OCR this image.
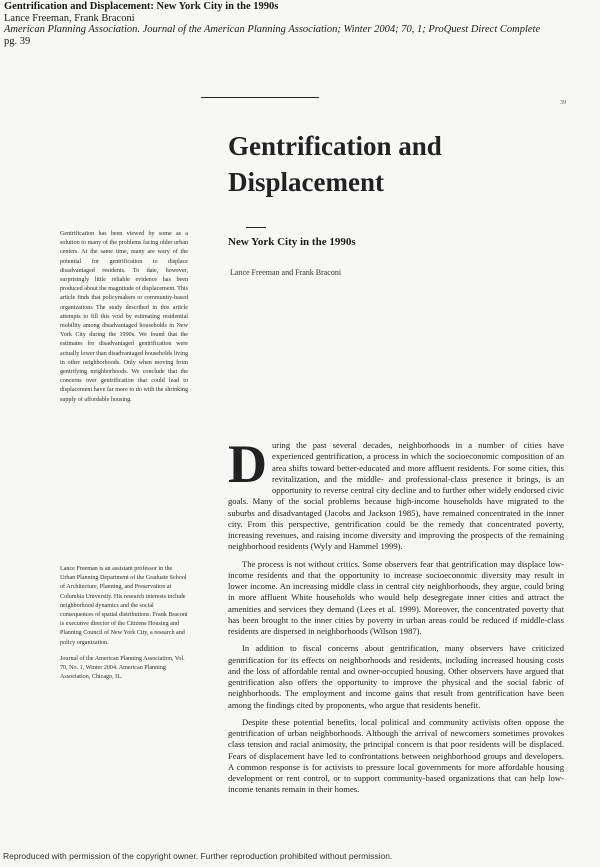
Gentrification and Displacement: New York City in the 1990s
Lance Freeman, Frank Braconi
American Planning Association. Journal of the American Planning Association; Winter 2004; 70, 1; ProQuest Direct Complete
pg. 39
39
Gentrification and Displacement
New York City in the 1990s
Lance Freeman and Frank Braconi

Gentrification has been viewed by some as a solution to many of the problems facing older urban centers. At the same time, many are wary of the potential for gentrification to displace disadvantaged residents. To date, however, surprisingly little reliable evidence has been produced about the magnitude of displacement. This article finds that policymakers or community-based organizations The study described in this article attempts to fill this void by estimating residential mobility among disadvantaged households in New York City during the 1990s. We found that the estimates for disadvantaged gentrification were actually lower than disadvantaged households living in other neighborhoods. Only when moving from gentrifying neighborhoods. We conclude that the concerns over gentrification that could lead to displacement have far more to do with the shrinking supply of affordable housing.

Lance Freeman is an assistant professor in the Urban Planning Department of the Graduate School of Architecture, Planning, and Preservation at Columbia University. His research interests include neighborhood dynamics and the social consequences of spatial distributions. Frank Braconi is executive director of the Citizens Housing and Planning Council of New York City, a research and policy organization.

Journal of the American Planning Association, Vol. 70, No. 1, Winter 2004. American Planning Association, Chicago, IL.

During the past several decades, neighborhoods in a number of cities have experienced gentrification, a process in which the socioeconomic composition of an area shifts toward better-educated and more affluent residents. For some cities, this revitalization, and the middle- and professional-class presence it brings, is an opportunity to reverse central city decline and to further other widely endorsed civic goals. Many of the social problems because high-income households have migrated to the suburbs and disadvantaged (Jacobs and Jackson 1985), have remained concentrated in the inner city. From this perspective, gentrification could be the remedy that concentrated poverty, increasing revenues, and raising income diversity and improving the prospects of the remaining neighborhood residents (Wyly and Hammel 1999).

The process is not without critics. Some observers fear that gentrification may displace low-income residents and that the opportunity to increase socioeconomic diversity may result in lower income. An increasing middle class in central city neighborhoods, they argue, could bring in more affluent White households who would help desegregate inner cities and attract the amenities and services they demand (Lees et al. 1999). Moreover, the concentrated poverty that has been brought to the inner cities by poverty in urban areas could be reduced if middle-class residents are dispersed in neighborhoods (Wilson 1987).

In addition to fiscal concerns about gentrification, many observers have criticized gentrification for its effects on neighborhoods and residents, including increased housing costs and the loss of affordable rental and owner-occupied housing. Other observers have argued that gentrification also offers the opportunity to improve the physical and the social fabric of neighborhoods. The employment and income gains that result from gentrification have been among the findings cited by proponents, who argue that residents benefit.

Despite these potential benefits, local political and community activists often oppose the gentrification of urban neighborhoods. Although the arrival of newcomers sometimes provokes class tension and racial animosity, the principal concern is that poor residents will be displaced. Fears of displacement have led to confrontations between neighborhood groups and developers. A common response is for activists to pressure local governments for more affordable housing development or rent control, or to support community-based organizations that can help low-income tenants remain in their homes.

Reproduced with permission of the copyright owner. Further reproduction prohibited without permission.
